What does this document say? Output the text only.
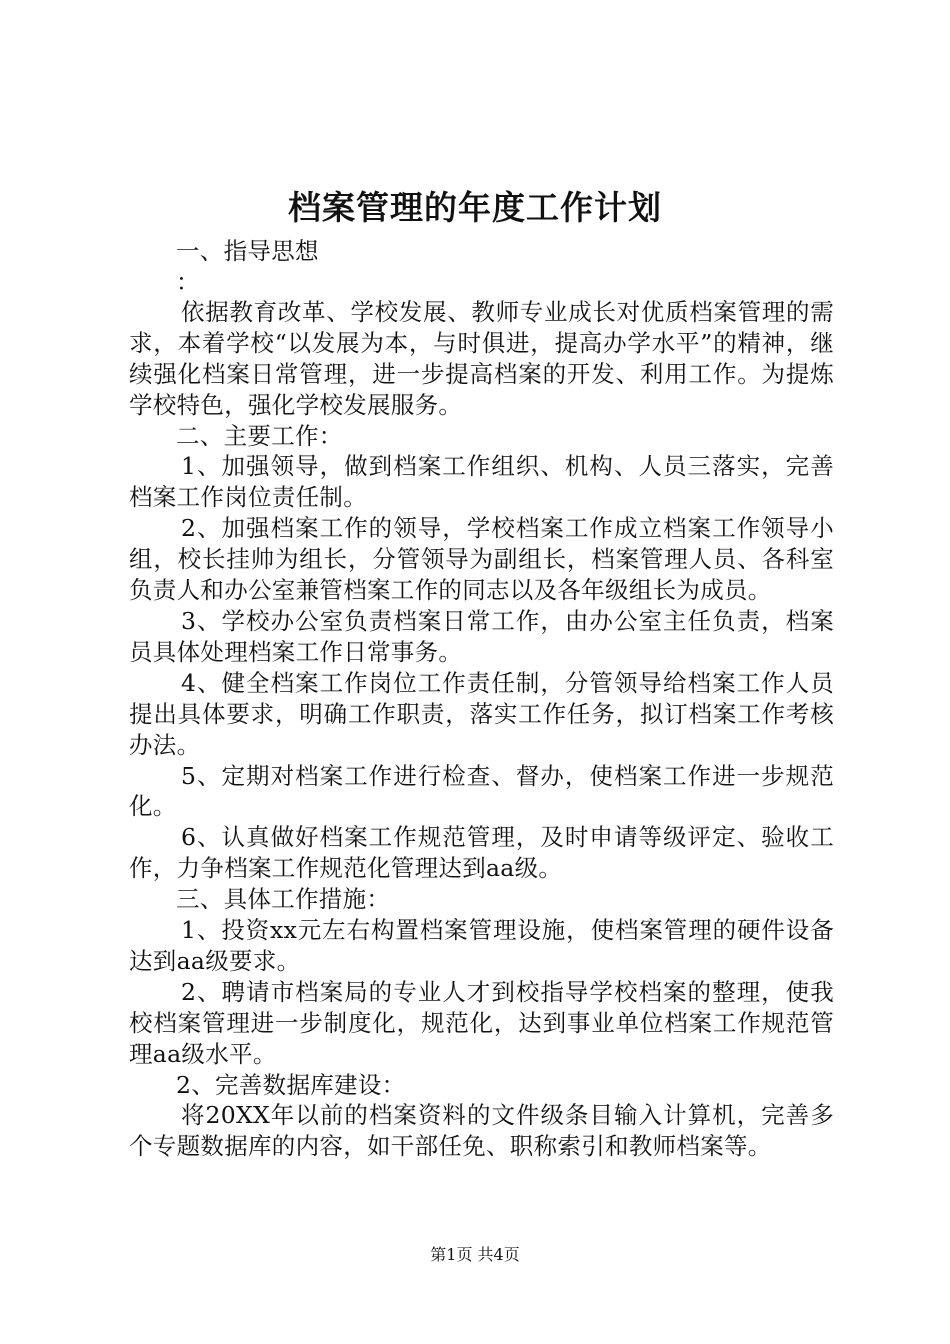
档案管理的年度工作计划

一、指导思想

：

依据教育改革、学校发展、教师专业成长对优质档案管理的需求，本着学校“以发展为本，与时俱进，提高办学水平”的精神，继续强化档案日常管理，进一步提高档案的开发、利用工作。为提炼学校特色，强化学校发展服务。

二、主要工作：

1、加强领导，做到档案工作组织、机构、人员三落实，完善档案工作岗位责任制。

2、加强档案工作的领导，学校档案工作成立档案工作领导小组，校长挂帅为组长，分管领导为副组长，档案管理人员、各科室负责人和办公室兼管档案工作的同志以及各年级组长为成员。

3、学校办公室负责档案日常工作，由办公室主任负责，档案员具体处理档案工作日常事务。

4、健全档案工作岗位工作责任制，分管领导给档案工作人员提出具体要求，明确工作职责，落实工作任务，拟订档案工作考核办法。

5、定期对档案工作进行检查、督办，使档案工作进一步规范化。

6、认真做好档案工作规范管理，及时申请等级评定、验收工作，力争档案工作规范化管理达到aa级。

三、具体工作措施：

1、投资xx元左右构置档案管理设施，使档案管理的硬件设备达到aa级要求。

2、聘请市档案局的专业人才到校指导学校档案的整理，使我校档案管理进一步制度化，规范化，达到事业单位档案工作规范管理aa级水平。

2、完善数据库建设：

将20XX年以前的档案资料的文件级条目输入计算机，完善多个专题数据库的内容，如干部任免、职称索引和教师档案等。

第1页 共4页
